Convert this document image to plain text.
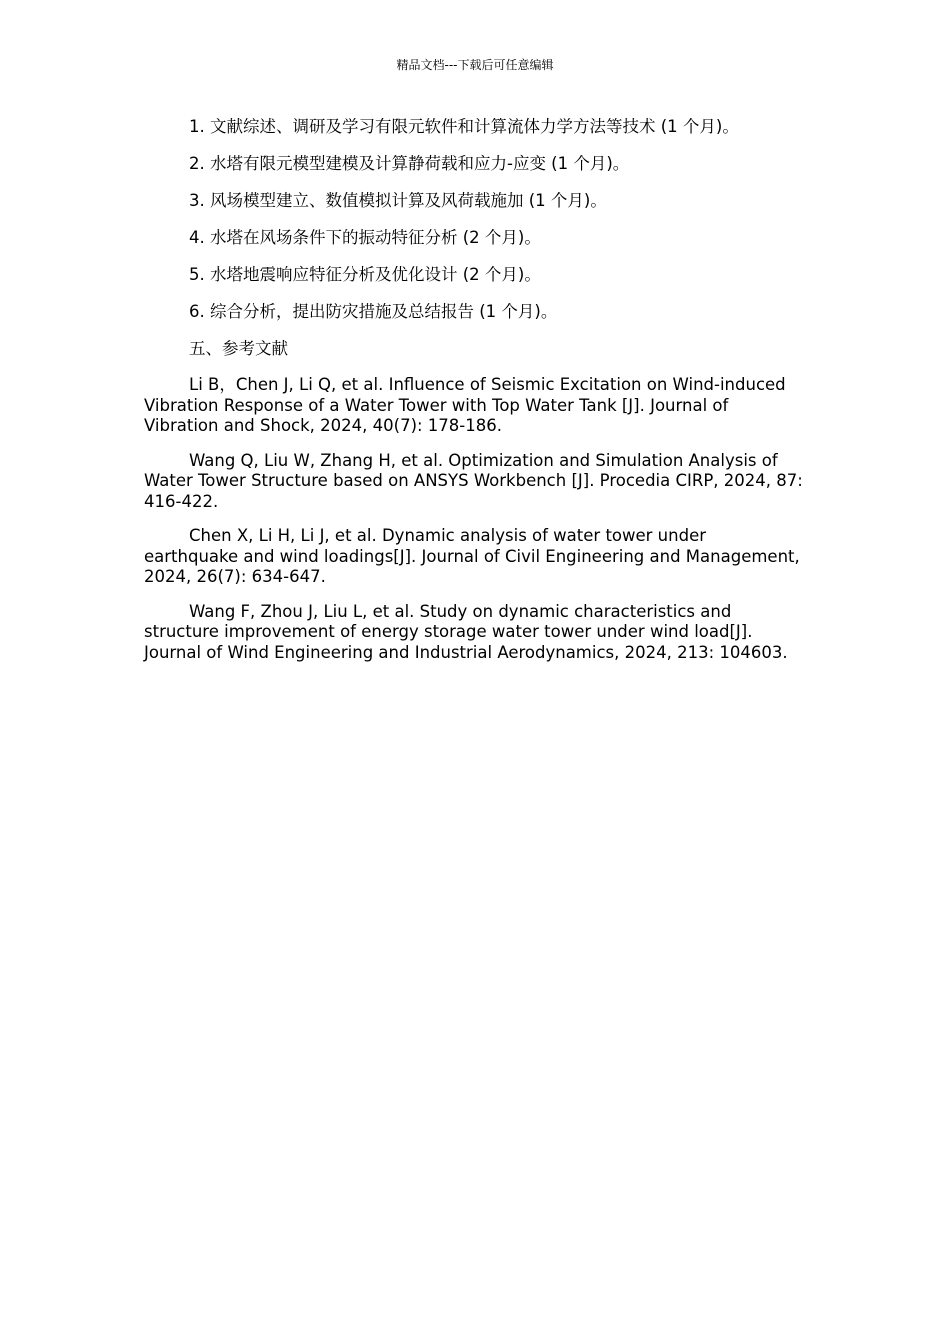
精品文档---下载后可任意编辑

1. 文献综述、调研及学习有限元软件和计算流体力学方法等技术 (1 个月)。

2. 水塔有限元模型建模及计算静荷载和应力-应变 (1 个月)。

3. 风场模型建立、数值模拟计算及风荷载施加 (1 个月)。

4. 水塔在风场条件下的振动特征分析 (2 个月)。

5. 水塔地震响应特征分析及优化设计 (2 个月)。

6. 综合分析，提出防灾措施及总结报告 (1 个月)。

五、参考文献

Li B，Chen J, Li Q, et al. Influence of Seismic Excitation on Wind-induced Vibration Response of a Water Tower with Top Water Tank [J]. Journal of Vibration and Shock, 2024, 40(7): 178-186.

Wang Q, Liu W, Zhang H, et al. Optimization and Simulation Analysis of Water Tower Structure based on ANSYS Workbench [J]. Procedia CIRP, 2024, 87: 416-422.

Chen X, Li H, Li J, et al. Dynamic analysis of water tower under earthquake and wind loadings[J]. Journal of Civil Engineering and Management, 2024, 26(7): 634-647.

Wang F, Zhou J, Liu L, et al. Study on dynamic characteristics and structure improvement of energy storage water tower under wind load[J]. Journal of Wind Engineering and Industrial Aerodynamics, 2024, 213: 104603.
